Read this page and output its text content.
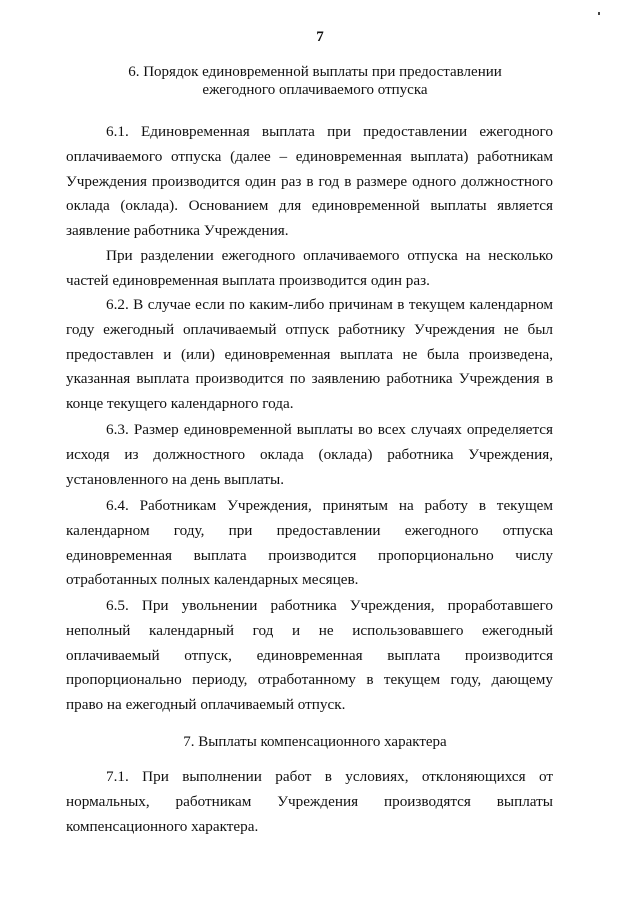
7
6. Порядок единовременной выплаты при предоставлении
ежегодного оплачиваемого отпуска

6.1. Единовременная выплата при предоставлении ежегодного оплачиваемого отпуска (далее – единовременная выплата) работникам Учреждения производится один раз в год в размере одного должностного оклада (оклада). Основанием для единовременной выплаты является заявление работника Учреждения.

При разделении ежегодного оплачиваемого отпуска на несколько частей единовременная выплата производится один раз.

6.2. В случае если по каким-либо причинам в текущем календарном году ежегодный оплачиваемый отпуск работнику Учреждения не был предоставлен и (или) единовременная выплата не была произведена, указанная выплата производится по заявлению работника Учреждения в конце текущего календарного года.

6.3. Размер единовременной выплаты во всех случаях определяется исходя из должностного оклада (оклада) работника Учреждения, установленного на день выплаты.

6.4. Работникам Учреждения, принятым на работу в текущем календарном году, при предоставлении ежегодного отпуска единовременная выплата производится пропорционально числу отработанных полных календарных месяцев.

6.5. При увольнении работника Учреждения, проработавшего неполный календарный год и не использовавшего ежегодный оплачиваемый отпуск, единовременная выплата производится пропорционально периоду, отработанному в текущем году, дающему право на ежегодный оплачиваемый отпуск.

7. Выплаты компенсационного характера

7.1. При выполнении работ в условиях, отклоняющихся от нормальных, работникам Учреждения производятся выплаты компенсационного характера.
